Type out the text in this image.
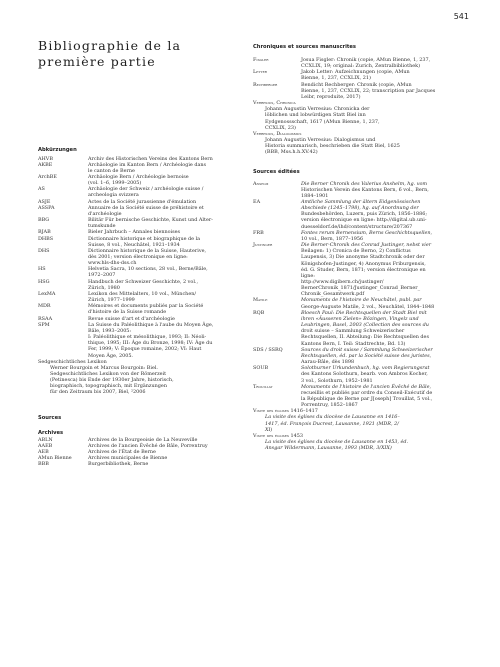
541
Bibliographie de la
première partie
Abkürzungen
AHVB	Archiv des Historischen Vereins des Kantons Bern
AKBE	Archäologie im Kanton Bern / Archéologie dans
le canton de Berne
ArchBE	Archäologie Bern / Archéologie bernoise
(vol. 1–6, 1999–2005)
AS	Archäologie der Schweiz / archéologie suisse /
archeologia svizzera
ASJE	Actes de la Société jurassienne d'émulation
ASSPA	Annuaire de la Société suisse de préhistoire et
d'archéologie
BBG	Bilitär Für bernische Geschichte, Kunst und Alter-
tumskunde
BJAB	Bieler Jahrbuch – Annales biennoises
DHBS	Dictionnaire historique et biographique de la
Suisse, 8 vol., Neuchâtel, 1921–1934
DHS	Dictionnaire historique de la Suisse, Hauterive,
dès 2001; version électronique en ligne:
www.hls-dhs-dss.ch
HS	Helvetia Sacra, 10 sections, 28 vol., Berne/Bâle,
1972–2007
HSG	Handbuch der Schweizer Geschichte, 2 vol.,
Zürich, 1980
LexMA	Lexikon des Mittelalters, 10 vol., München/
Zürich, 1977–1999
MDR	Mémoires et documents publiés par la Société
d'histoire de la Suisse romande
RSAA	Revue suisse d'art et d'archéologie
SPM	La Suisse du Paléolithique à l'aube du Moyen Âge,
Bâle, 1993–2005:
I: Paléolithique et mésolithique, 1993; II: Néoli-
thique, 1995; III: Âge du Bronze, 1998; IV: Âge du
Fer, 1999; V: Époque romaine, 2002; VI: Haut
Moyen Âge, 2005.
Sedgeschichtliches Lexikon
Werner Bourgoin et Marcus Bourgoin: Biel.
Sedgeschichtliches Lexikon von der Römerzeit
(Petinesca) bis Ende der 1930er Jahre, historisch,
biographisch, topographisch, mit Ergänzungen
für den Zeitraum bis 2007, Biel, ²2006
Sources
Archives
ABLN	Archives de la Bourgeoisie de La Neuveville
AAEB	Archives de l'ancien Évêché de Bâle, Porrentruy
AEB	Archives de l'État de Berne
AMun Bienne	Archives municipales de Bienne
BBB	Burgerbibliothek, Berne
Chroniques et sources manuscrites
Fisgler	Josua Fisgler: Chronik (copie, AMun Bienne, 1, 237,
CCXLIX, 19; original: Zurich, Zentralbibliothek)
Letter	Jakob Letter: Aufzeichnungen (copie, AMun
Bienne, 1, 237, CCXLIX, 21)
Rechberger	Bendicht Rechberger: Chronik (copie, AMun
Bienne, 1, 237, CCXLIX, 22; transcription par Jacques
Leibr, reproduite, 2017)
Verresius, Chronica
Johann Augustin Verresius: Chronicka der
löblichen und lobwürdigen Statt Biel inn
Eydgenossschaft, 1617 (AMun Bienne, 1, 237,
CCXLIX, 23)
Verresius, Dialogismus
Johann Augustin Verresius: Dialogismus und
Historia summarisch, beschrieben die Statt Biel, 1625
(BBB, Mss.h.h.XV.42)
Sources éditées
Anselm	Die Berner Chronik des Valerius Anshelm, hg. vom
Historischen Verein des Kantons Bern, 6 vol., Bern,
1884–1901
EA	Amtliche Sammlung der ältern Eidgenössischen
Abschiede (1245–1798), hg. auf Anordnung der
Bundesbehörden, Luzern, puis Zürich, 1856–1886;
version électronique en ligne: http://digital.ub.uni-
duesseldorf.de/ihd/content/structure/207367
FRB	Fontes rerum Bernensium, Berns Geschichtsquellen,
10 vol., Bern, 1877–1956
Justinger	Die Berner-Chronik des Conrad Justinger, nebst vier
Beilagen: 1) Cronica de Berno, 2) Conflictus
Laupensis, 3) Die anonyme Stadtchronik oder der
Königshofen-Justinger, 4) Anonymus Friburgensis,
éd. G. Studer, Bern, 1871; version électronique en
ligne:
http://www.digibern.ch/justinger/
BernerChronik_1871/Justinger_Conrad_Berner_
Chronik_Gesamtwerk.pdf
Matile	Monuments de l'histoire de Neuchâtel, publ. par
George-Auguste Matile, 2 vol., Neuchâtel, 1844–1848
RQB	Bloesch Paul: Die Rechtsquellen der Stadt Biel mit
ihren «Äusseren Zielen» Bözingen, Vingelz und
Leubringen, Basel, 2003 (Collection des sources du
droit suisse – Sammlung Schweizerischer
Rechtsquellen, II. Abteilung: Die Rechtsquellen des
Kantons Bern, I. Teil: Stadtrechte, Bd. 13)
SDS / SSRQ	Sources du droit suisse / Sammlung Schweizerischer
Rechtsquellen, éd. par la Société suisse des juristes,
Aarau-Bâle, dès 1898
SOUB	Solothurner Urkundenbuch, hg. vom Regierungsrat
des Kantons Solothurn, bearb. von Ambros Kocher,
3 vol., Solothurn, 1952–1981
Trouillat	Monuments de l'histoire de l'ancien Évêché de Bâle,
recueillis et publiés par ordre du Conseil-Exécutif de
la République de Berne par J[oseph] Trouillat, 5 vol.,
Porrentruy, 1852–1867
Visite des églises 1416–1417
La visite des églises du diocèse de Lausanne en 1416–
1417, éd. François Ducrest, Lausanne, 1921 (MDR, 2/
XI)
Visite des églises 1453
La visite des églises du diocèse de Lausanne en 1453, éd.
Ansgar Wildermann, Lausanne, 1993 (MDR, 3/XIX)
